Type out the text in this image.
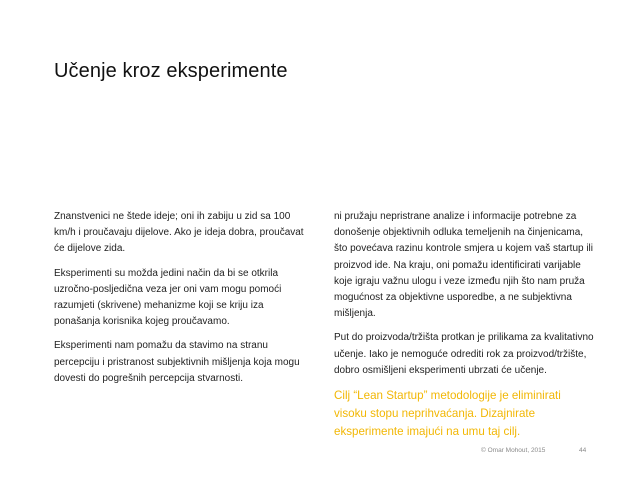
Učenje kroz eksperimente

Znanstvenici ne štede ideje; oni ih zabiju u zid sa 100 km/h i proučavaju dijelove. Ako je ideja dobra, proučavat će dijelove zida.

Eksperimenti su možda jedini način da bi se otkrila uzročno-posljedična veza jer oni vam mogu pomoći razumjeti (skrivene) mehanizme koji se kriju iza ponašanja korisnika kojeg proučavamo.

Eksperimenti nam pomažu da stavimo na stranu percepciju i pristranost subjektivnih mišljenja koja mogu dovesti do pogrešnih percepcija stvarnosti.

ni pružaju nepristrane analize i informacije potrebne za donošenje objektivnih odluka temeljenih na činjenicama, što povećava razinu kontrole smjera u kojem vaš startup ili proizvod ide. Na kraju, oni pomažu identificirati varijable koje igraju važnu ulogu i veze između njih što nam pruža mogućnost za objektivne usporedbe, a ne subjektivna mišljenja.

Put do proizvoda/tržišta protkan je prilikama za kvalitativno učenje. Iako je nemoguće odrediti rok za proizvod/tržište, dobro osmišljeni eksperimenti ubrzati će učenje.

Cilj “Lean Startup” metodologije je eliminirati visoku stopu neprihvaćanja. Dizajnirate eksperimente imajući na umu taj cilj.

© Omar Mohout, 2015	44
